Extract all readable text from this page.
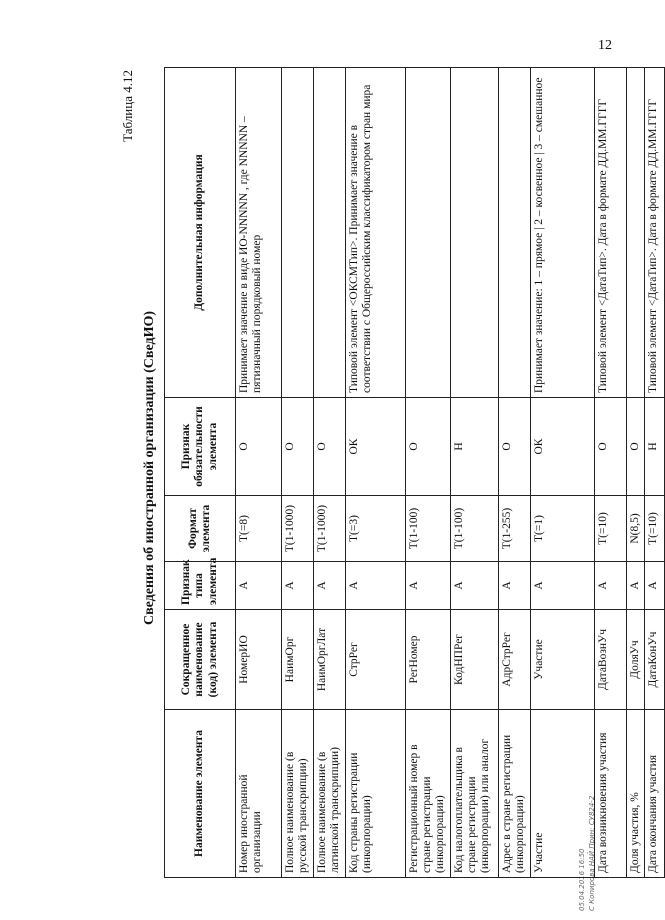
12
05.04.2016 16:50 С Копирова НАЙ Прин: СУ824-2
Таблица 4.12
Сведения об иностранной организации (СведИО)
Наименование элемента	Сокращенное наименование (код) элемента	Признак типа элемента	Формат элемента	Признак обязательности элемента	Дополнительная информация
Номер иностранной организации	НомерИО	А	T(=8)	О	Принимает значение в виде ИО-NNNNN , где NNNNN – пятизначный порядковый номер
Полное наименование (в русской транскрипции)	НаимОрг	А	T(1-1000)	О	
Полное наименование (в латинской транскрипции)	НаимОргЛат	А	T(1-1000)	О	
Код страны регистрации (инкорпорации)	СтрРег	А	T(=3)	ОК	Типовой элемент <ОКСМТип>. Принимает значение в соответствии с Общероссийским классификатором стран мира
Регистрационный номер в стране регистрации (инкорпорации)	РегНомер	А	T(1-100)	О	
Код налогоплательщика в стране регистрации (инкорпорации) или аналог	КодНПРег	А	T(1-100)	Н	
Адрес в стране регистрации (инкорпорации)	АдрСтрРег	А	T(1-255)	О	
Участие	Участие	А	T(=1)	ОК	Принимает значение: 1 – прямое | 2 – косвенное | 3 – смешанное
Дата возникновения участия	ДатаВознУч	А	T(=10)	О	Типовой элемент <ДатаТип>. Дата в формате ДД.ММ.ГГГГ
Доля участия, %	ДоляУч	А	N(8,5)	О	
Дата окончания участия	ДатаКонУч	А	T(=10)	Н	Типовой элемент <ДатаТип>. Дата в формате ДД.ММ.ГГГГ
